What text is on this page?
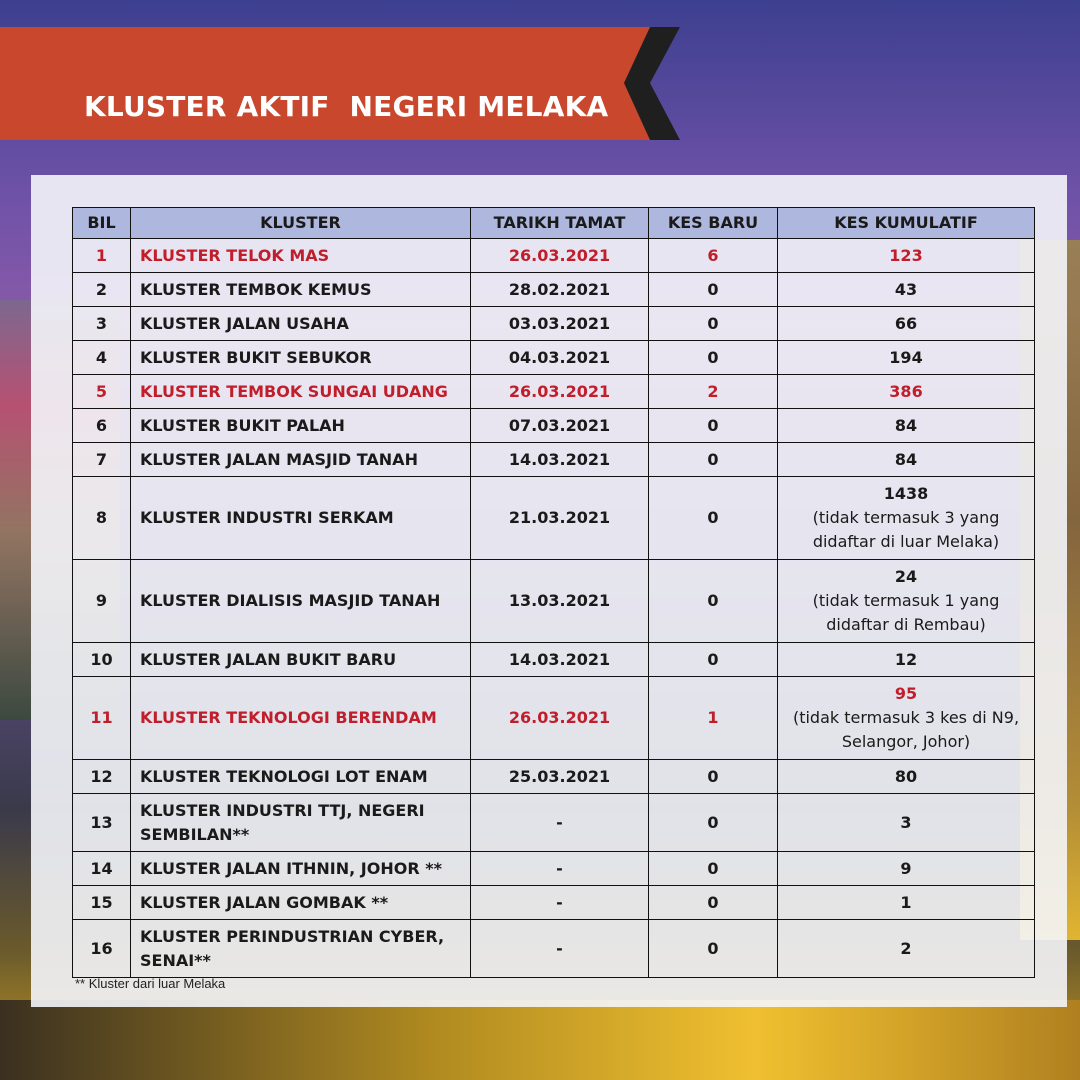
KLUSTER AKTIF  NEGERI MELAKA
BIL	KLUSTER	TARIKH TAMAT	KES BARU	KES KUMULATIF
1	KLUSTER TELOK MAS	26.03.2021	6	123

2	KLUSTER TEMBOK KEMUS	28.02.2021	0	43

3	KLUSTER JALAN USAHA	03.03.2021	0	66

4	KLUSTER BUKIT SEBUKOR	04.03.2021	0	194

5	KLUSTER TEMBOK SUNGAI UDANG	26.03.2021	2	386

6	KLUSTER BUKIT PALAH	07.03.2021	0	84

7	KLUSTER JALAN MASJID TANAH	14.03.2021	0	84

8	KLUSTER INDUSTRI SERKAM	21.03.2021	0	1438
(tidak termasuk 3 yang didaftar di luar Melaka)

9	KLUSTER DIALISIS MASJID TANAH	13.03.2021	0	24
(tidak termasuk 1 yang didaftar di Rembau)

10	KLUSTER JALAN BUKIT BARU	14.03.2021	0	12

11	KLUSTER TEKNOLOGI BERENDAM	26.03.2021	1	95
(tidak termasuk 3 kes di N9, Selangor, Johor)

12	KLUSTER TEKNOLOGI LOT ENAM	25.03.2021	0	80

13	KLUSTER INDUSTRI TTJ, NEGERI SEMBILAN**	-	0	3

14	KLUSTER JALAN ITHNIN, JOHOR **	-	0	9

15	KLUSTER JALAN GOMBAK **	-	0	1

16	KLUSTER PERINDUSTRIAN CYBER, SENAI**	-	0	2

** Kluster dari luar Melaka
